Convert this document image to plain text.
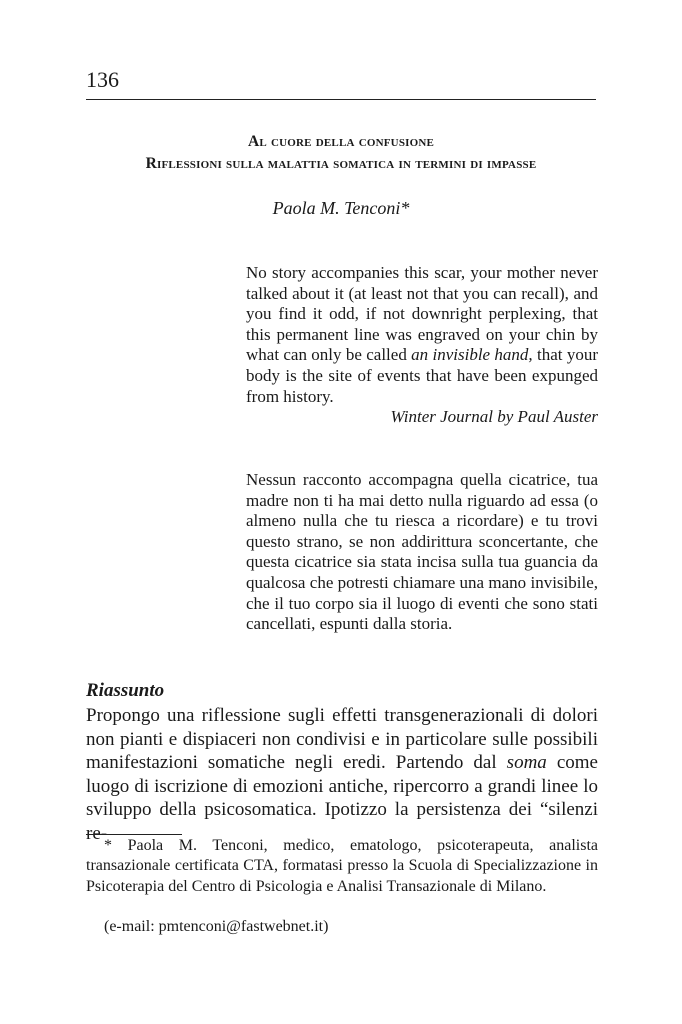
136
Al cuore della confusione
Riflessioni sulla malattia somatica in termini di impasse
Paola M. Tenconi*

No story accompanies this scar, your mother never talked about it (at least not that you can recall), and you find it odd, if not downright perplexing, that this permanent line was engraved on your chin by what can only be called an invisible hand, that your body is the site of events that have been expunged from history.

Winter Journal by Paul Auster

Nessun racconto accompagna quella cicatrice, tua madre non ti ha mai detto nulla riguardo ad essa (o almeno nulla che tu riesca a ricordare) e tu trovi questo strano, se non addirittura sconcertante, che questa cicatrice sia stata incisa sulla tua guancia da qualcosa che potresti chiamare una mano invisibile, che il tuo corpo sia il luogo di eventi che sono stati cancellati, espunti dalla storia.

Riassunto

Propongo una riflessione sugli effetti transgenerazionali di dolori non pianti e dispiaceri non condivisi e in particolare sulle possibili manifestazioni somatiche negli eredi. Partendo dal soma come luogo di iscrizione di emozioni antiche, ripercorro a grandi linee lo sviluppo della psicosomatica. Ipotizzo la persistenza dei “silenzi re-

* Paola M. Tenconi, medico, ematologo, psicoterapeuta, analista transazionale certificata CTA, formatasi presso la Scuola di Specializzazione in Psicoterapia del Centro di Psicologia e Analisi Transazionale di Milano.

(e-mail: pmtenconi@fastwebnet.it)
